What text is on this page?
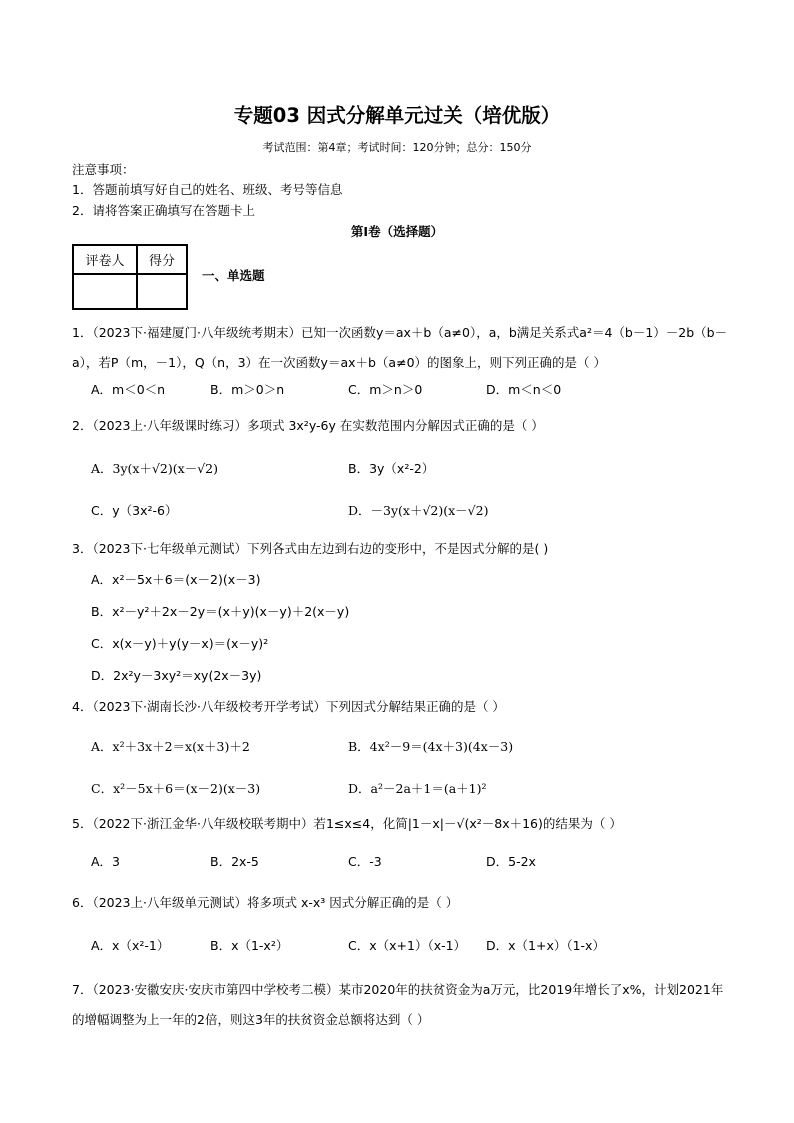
专题03 因式分解单元过关（培优版）
考试范围：第4章；考试时间：120分钟；总分：150分
注意事项：
1．答题前填写好自己的姓名、班级、考号等信息
2．请将答案正确填写在答题卡上
第I卷（选择题）
评卷人	得分

一、单选题
1．（2023下·福建厦门·八年级统考期末）已知一次函数y＝ax＋b（a≠0），a，b满足关系式a²＝4（b－1）－2b（b－a），若P（m，－1），Q（n，3）在一次函数y＝ax＋b（a≠0）的图象上，则下列正确的是（ ）
A．m＜0＜n	B．m＞0＞n	C．m＞n＞0	D．m＜n＜0
2．（2023上·八年级课时练习）多项式 3x²y-6y 在实数范围内分解因式正确的是（ ）
A．3y(x＋√2)(x－√2)	B．3y（x²-2）
C．y（3x²-6）	D．－3y(x＋√2)(x－√2)
3．（2023下·七年级单元测试）下列各式由左边到右边的变形中，不是因式分解的是( )
A．x²－5x＋6＝(x－2)(x－3)
B．x²－y²＋2x－2y＝(x＋y)(x－y)＋2(x－y)
C．x(x－y)＋y(y－x)＝(x－y)²
D．2x²y－3xy²＝xy(2x－3y)
4．（2023下·湖南长沙·八年级校考开学考试）下列因式分解结果正确的是（ ）
A．x²＋3x＋2＝x(x＋3)＋2	B．4x²－9＝(4x＋3)(4x－3)
C．x²－5x＋6＝(x－2)(x－3)	D．a²－2a＋1＝(a＋1)²
5．（2022下·浙江金华·八年级校联考期中）若1≤x≤4，化简|1－x|－√(x²－8x＋16)的结果为（ ）
A．3	B．2x-5	C．-3	D．5-2x
6．（2023上·八年级单元测试）将多项式 x-x³ 因式分解正确的是（ ）
A．x（x²-1）	B．x（1-x²）	C．x（x+1）（x-1） D．x（1+x）（1-x）
7．（2023·安徽安庆·安庆市第四中学校考二模）某市2020年的扶贫资金为a万元，比2019年增长了x%，计划2021年的增幅调整为上一年的2倍，则这3年的扶贫资金总额将达到（ ）
